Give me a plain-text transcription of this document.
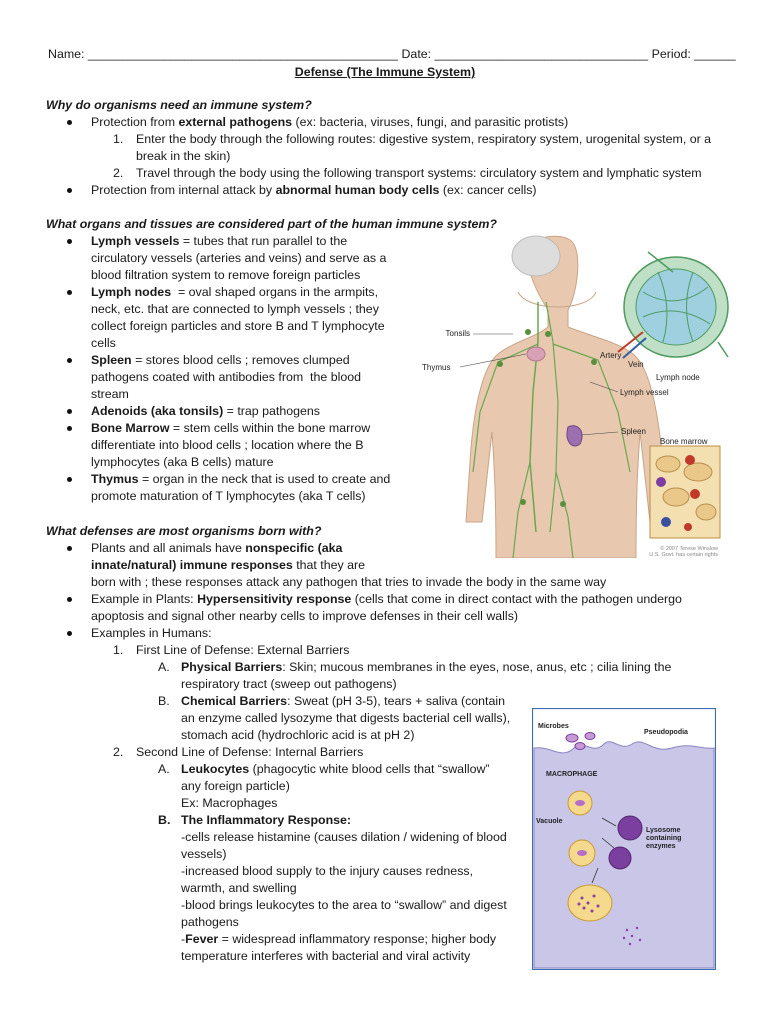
Name: _____________________________________________ Date: _______________________________ Period: ______
Defense (The Immune System)
Why do organisms need an immune system?
Protection from external pathogens (ex: bacteria, viruses, fungi, and parasitic protists)
1. Enter the body through the following routes: digestive system, respiratory system, urogenital system, or a
break in the skin)
2. Travel through the body using the following transport systems: circulatory system and lymphatic system
Protection from internal attack by abnormal human body cells (ex: cancer cells)
What organs and tissues are considered part of the human immune system?
Lymph vessels = tubes that run parallel to the
circulatory vessels (arteries and veins) and serve as a
blood filtration system to remove foreign particles
Lymph nodes  = oval shaped organs in the armpits,
neck, etc. that are connected to lymph vessels ; they
collect foreign particles and store B and T lymphocyte
cells
Spleen = stores blood cells ; removes clumped
pathogens coated with antibodies from  the blood
stream
Adenoids (aka tonsils) = trap pathogens
Bone Marrow = stem cells within the bone marrow
differentiate into blood cells ; location where the B
lymphocytes (aka B cells) mature
Thymus = organ in the neck that is used to create and
promote maturation of T lymphocytes (aka T cells)
Tonsils
Thymus
Artery
Vein
Lymph node
Lymph vessel
Spleen
Bone marrow
© 2007 Terese Winslow
U.S. Govt. has certain rights
What defenses are most organisms born with?
Plants and all animals have nonspecific (aka
innate/natural) immune responses that they are
born with ; these responses attack any pathogen that tries to invade the body in the same way
Example in Plants: Hypersensitivity response (cells that come in direct contact with the pathogen undergo
apoptosis and signal other nearby cells to improve defenses in their cell walls)
Examples in Humans:
1. First Line of Defense: External Barriers
A. Physical Barriers: Skin; mucous membranes in the eyes, nose, anus, etc ; cilia lining the
respiratory tract (sweep out pathogens)
B. Chemical Barriers: Sweat (pH 3-5), tears + saliva (contain
an enzyme called lysozyme that digests bacterial cell walls),
stomach acid (hydrochloric acid is at pH 2)
2. Second Line of Defense: Internal Barriers
A. Leukocytes (phagocytic white blood cells that “swallow”
any foreign particle)
Ex: Macrophages
B. The Inflammatory Response:
-cells release histamine (causes dilation / widening of blood
vessels)
-increased blood supply to the injury causes redness,
warmth, and swelling
-blood brings leukocytes to the area to “swallow” and digest
pathogens
-Fever = widespread inflammatory response; higher body
temperature interferes with bacterial and viral activity
Microbes
Pseudopodia
MACROPHAGE
Vacuole
Lysosome
containing
enzymes
